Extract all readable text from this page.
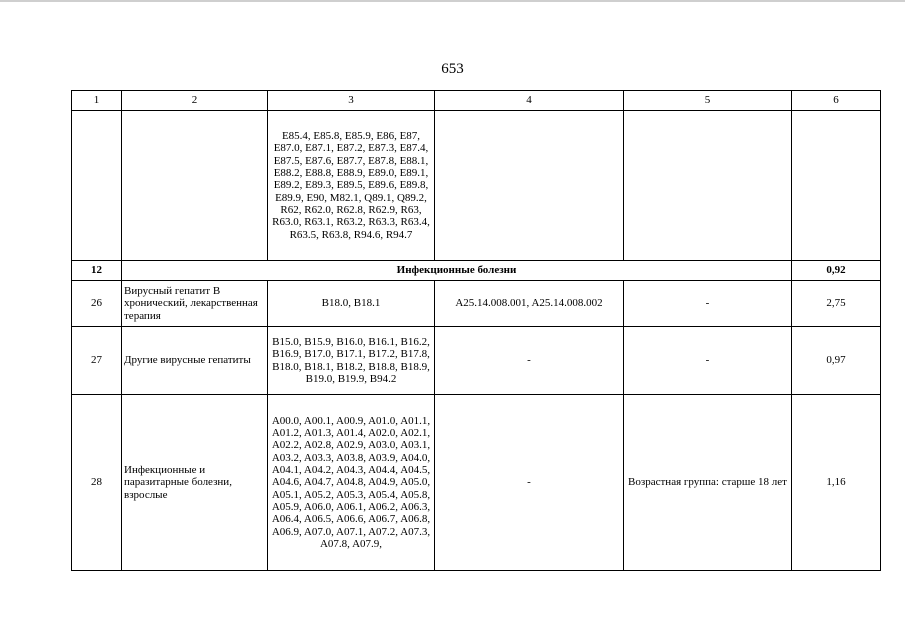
653
1	2	3	4	5	6
		E85.4, E85.8, E85.9, E86, E87, E87.0, E87.1, E87.2, E87.3, E87.4, E87.5, E87.6, E87.7, E87.8, E88.1, E88.2, E88.8, E88.9, E89.0, E89.1, E89.2, E89.3, E89.5, E89.6, E89.8, E89.9, E90, M82.1, Q89.1, Q89.2, R62, R62.0, R62.8, R62.9, R63, R63.0, R63.1, R63.2, R63.3, R63.4, R63.5, R63.8, R94.6, R94.7			
12	Инфекционные болезни				0,92
26	Вирусный гепатит В хронический, лекарственная терапия	B18.0, B18.1	A25.14.008.001, A25.14.008.002	-	2,75
27	Другие вирусные гепатиты	B15.0, B15.9, B16.0, B16.1, B16.2, B16.9, B17.0, B17.1, B17.2, B17.8, B18.0, B18.1, B18.2, B18.8, B18.9, B19.0, B19.9, B94.2	-	-	0,97
28	Инфекционные и паразитарные болезни, взрослые	A00.0, A00.1, A00.9, A01.0, A01.1, A01.2, A01.3, A01.4, A02.0, A02.1, A02.2, A02.8, A02.9, A03.0, A03.1, A03.2, A03.3, A03.8, A03.9, A04.0, A04.1, A04.2, A04.3, A04.4, A04.5, A04.6, A04.7, A04.8, A04.9, A05.0, A05.1, A05.2, A05.3, A05.4, A05.8, A05.9, A06.0, A06.1, A06.2, A06.3, A06.4, A06.5, A06.6, A06.7, A06.8, A06.9, A07.0, A07.1, A07.2, A07.3, A07.8, A07.9,	-	Возрастная группа: старше 18 лет	1,16
